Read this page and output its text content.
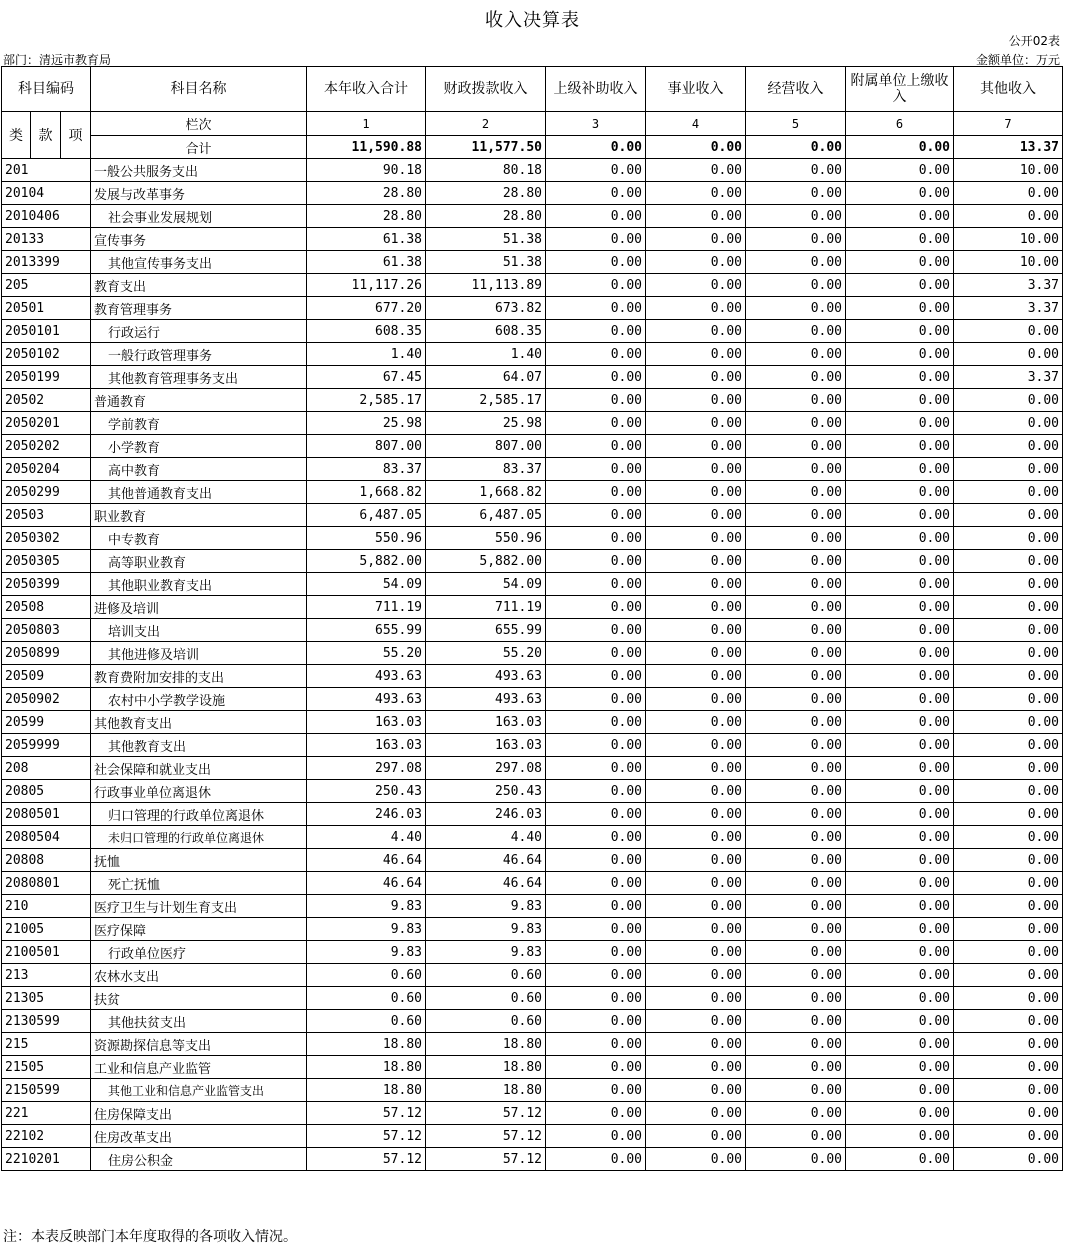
收入决算表
公开02表
部门：清远市教育局	金额单位：万元
科目编码			科目名称	本年收入合计	财政拨款收入	上级补助收入	事业收入	经营收入	附属单位上缴收入	其他收入
类	款	项	栏次	1	2	3	4	5	6	7
			合计	11,590.88	11,577.50	0.00	0.00	0.00	0.00	13.37
201			一般公共服务支出	90.18	80.18	0.00	0.00	0.00	0.00	10.00
20104			发展与改革事务	28.80	28.80	0.00	0.00	0.00	0.00	0.00
2010406			社会事业发展规划	28.80	28.80	0.00	0.00	0.00	0.00	0.00
20133			宣传事务	61.38	51.38	0.00	0.00	0.00	0.00	10.00
2013399			其他宣传事务支出	61.38	51.38	0.00	0.00	0.00	0.00	10.00
205			教育支出	11,117.26	11,113.89	0.00	0.00	0.00	0.00	3.37
20501			教育管理事务	677.20	673.82	0.00	0.00	0.00	0.00	3.37
2050101			行政运行	608.35	608.35	0.00	0.00	0.00	0.00	0.00
2050102			一般行政管理事务	1.40	1.40	0.00	0.00	0.00	0.00	0.00
2050199			其他教育管理事务支出	67.45	64.07	0.00	0.00	0.00	0.00	3.37
20502			普通教育	2,585.17	2,585.17	0.00	0.00	0.00	0.00	0.00
2050201			学前教育	25.98	25.98	0.00	0.00	0.00	0.00	0.00
2050202			小学教育	807.00	807.00	0.00	0.00	0.00	0.00	0.00
2050204			高中教育	83.37	83.37	0.00	0.00	0.00	0.00	0.00
2050299			其他普通教育支出	1,668.82	1,668.82	0.00	0.00	0.00	0.00	0.00
20503			职业教育	6,487.05	6,487.05	0.00	0.00	0.00	0.00	0.00
2050302			中专教育	550.96	550.96	0.00	0.00	0.00	0.00	0.00
2050305			高等职业教育	5,882.00	5,882.00	0.00	0.00	0.00	0.00	0.00
2050399			其他职业教育支出	54.09	54.09	0.00	0.00	0.00	0.00	0.00
20508			进修及培训	711.19	711.19	0.00	0.00	0.00	0.00	0.00
2050803			培训支出	655.99	655.99	0.00	0.00	0.00	0.00	0.00
2050899			其他进修及培训	55.20	55.20	0.00	0.00	0.00	0.00	0.00
20509			教育费附加安排的支出	493.63	493.63	0.00	0.00	0.00	0.00	0.00
2050902			农村中小学教学设施	493.63	493.63	0.00	0.00	0.00	0.00	0.00
20599			其他教育支出	163.03	163.03	0.00	0.00	0.00	0.00	0.00
2059999			其他教育支出	163.03	163.03	0.00	0.00	0.00	0.00	0.00
208			社会保障和就业支出	297.08	297.08	0.00	0.00	0.00	0.00	0.00
20805			行政事业单位离退休	250.43	250.43	0.00	0.00	0.00	0.00	0.00
2080501			归口管理的行政单位离退休	246.03	246.03	0.00	0.00	0.00	0.00	0.00
2080504			未归口管理的行政单位离退休	4.40	4.40	0.00	0.00	0.00	0.00	0.00
20808			抚恤	46.64	46.64	0.00	0.00	0.00	0.00	0.00
2080801			死亡抚恤	46.64	46.64	0.00	0.00	0.00	0.00	0.00
210			医疗卫生与计划生育支出	9.83	9.83	0.00	0.00	0.00	0.00	0.00
21005			医疗保障	9.83	9.83	0.00	0.00	0.00	0.00	0.00
2100501			行政单位医疗	9.83	9.83	0.00	0.00	0.00	0.00	0.00
213			农林水支出	0.60	0.60	0.00	0.00	0.00	0.00	0.00
21305			扶贫	0.60	0.60	0.00	0.00	0.00	0.00	0.00
2130599			其他扶贫支出	0.60	0.60	0.00	0.00	0.00	0.00	0.00
215			资源勘探信息等支出	18.80	18.80	0.00	0.00	0.00	0.00	0.00
21505			工业和信息产业监管	18.80	18.80	0.00	0.00	0.00	0.00	0.00
2150599			其他工业和信息产业监管支出	18.80	18.80	0.00	0.00	0.00	0.00	0.00
221			住房保障支出	57.12	57.12	0.00	0.00	0.00	0.00	0.00
22102			住房改革支出	57.12	57.12	0.00	0.00	0.00	0.00	0.00
2210201			住房公积金	57.12	57.12	0.00	0.00	0.00	0.00	0.00
注：本表反映部门本年度取得的各项收入情况。
